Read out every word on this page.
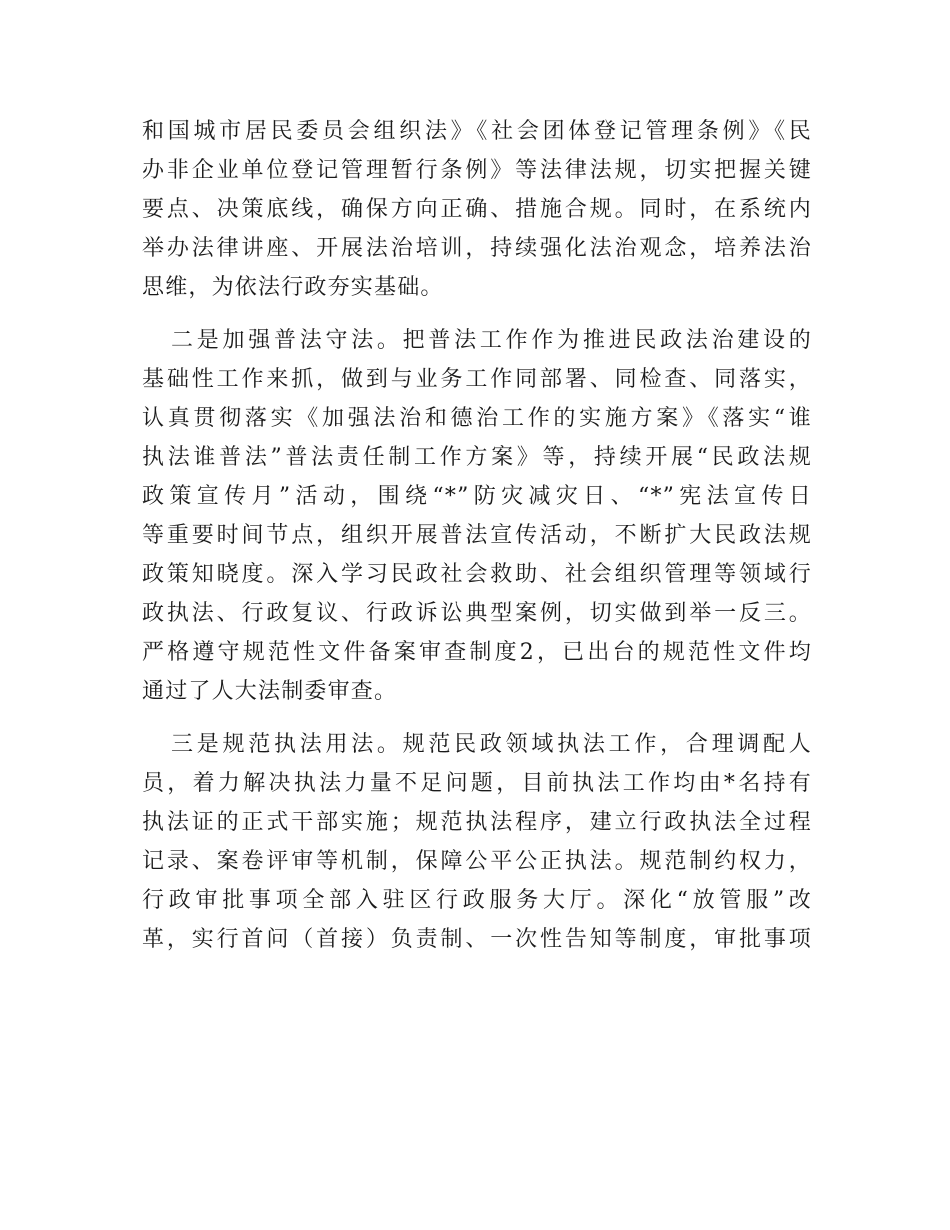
和国城市居民委员会组织法》《社会团体登记管理条例》《民
办非企业单位登记管理暂行条例》等法律法规，切实把握关键
要点、决策底线，确保方向正确、措施合规。同时，在系统内
举办法律讲座、开展法治培训，持续强化法治观念，培养法治
思维，为依法行政夯实基础。
二是加强普法守法。把普法工作作为推进民政法治建设的
基础性工作来抓，做到与业务工作同部署、同检查、同落实，
认真贯彻落实《加强法治和德治工作的实施方案》《落实“谁
执法谁普法”普法责任制工作方案》等，持续开展“民政法规
政策宣传月”活动，围绕“*”防灾减灾日、“*”宪法宣传日
等重要时间节点，组织开展普法宣传活动，不断扩大民政法规
政策知晓度。深入学习民政社会救助、社会组织管理等领域行
政执法、行政复议、行政诉讼典型案例，切实做到举一反三。
严格遵守规范性文件备案审查制度2，已出台的规范性文件均
通过了人大法制委审查。
三是规范执法用法。规范民政领域执法工作，合理调配人
员，着力解决执法力量不足问题，目前执法工作均由*名持有
执法证的正式干部实施；规范执法程序，建立行政执法全过程
记录、案卷评审等机制，保障公平公正执法。规范制约权力，
行政审批事项全部入驻区行政服务大厅。深化“放管服”改
革，实行首问（首接）负责制、一次性告知等制度，审批事项
